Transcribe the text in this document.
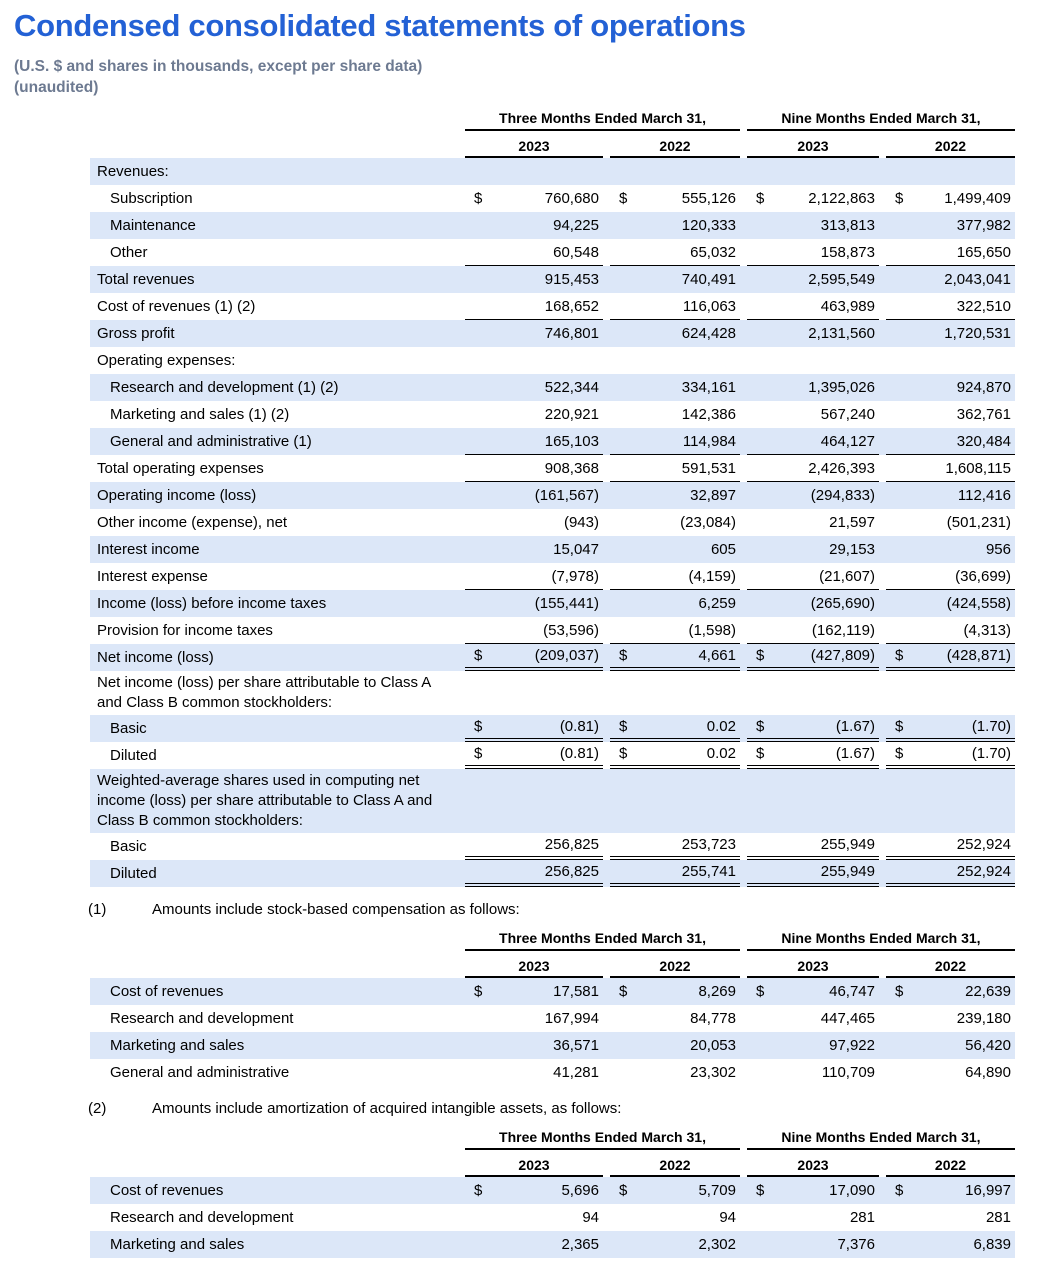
Condensed consolidated statements of operations
(U.S. $ and shares in thousands, except per share data)
(unaudited)
Three Months Ended March 31,	Nine Months Ended March 31,
2023	2022	2023	2022
Revenues:
Subscription	$	760,680 $	555,126 $	2,122,863 $	1,499,409
Maintenance	94,225	120,333	313,813	377,982
Other	60,548	65,032	158,873	165,650
Total revenues	915,453	740,491	2,595,549	2,043,041
Cost of revenues (1) (2)	168,652	116,063	463,989	322,510
Gross profit	746,801	624,428	2,131,560	1,720,531
Operating expenses:
Research and development (1) (2)	522,344	334,161	1,395,026	924,870
Marketing and sales (1) (2)	220,921	142,386	567,240	362,761
General and administrative (1)	165,103	114,984	464,127	320,484
Total operating expenses	908,368	591,531	2,426,393	1,608,115
Operating income (loss)	(161,567)	32,897	(294,833)	112,416
Other income (expense), net	(943)	(23,084)	21,597	(501,231)
Interest income	15,047	605	29,153	956
Interest expense	(7,978)	(4,159)	(21,607)	(36,699)
Income (loss) before income taxes	(155,441)	6,259	(265,690)	(424,558)
Provision for income taxes	(53,596)	(1,598)	(162,119)	(4,313)
Net income (loss)	$	(209,037) $	4,661 $	(427,809) $	(428,871)
Net income (loss) per share attributable to Class A and Class B common stockholders:
Basic	$	(0.81) $	0.02 $	(1.67) $	(1.70)
Diluted	$	(0.81) $	0.02 $	(1.67) $	(1.70)
Weighted-average shares used in computing net income (loss) per share attributable to Class A and Class B common stockholders:
Basic	256,825	253,723	255,949	252,924
Diluted	256,825	255,741	255,949	252,924
(1)	Amounts include stock-based compensation as follows:
Three Months Ended March 31,	Nine Months Ended March 31,
2023	2022	2023	2022
Cost of revenues	$	17,581 $	8,269 $	46,747 $	22,639
Research and development	167,994	84,778	447,465	239,180
Marketing and sales	36,571	20,053	97,922	56,420
General and administrative	41,281	23,302	110,709	64,890
(2)	Amounts include amortization of acquired intangible assets, as follows:
Three Months Ended March 31,	Nine Months Ended March 31,
2023	2022	2023	2022
Cost of revenues	$	5,696 $	5,709 $	17,090 $	16,997
Research and development	94	94	281	281
Marketing and sales	2,365	2,302	7,376	6,839
